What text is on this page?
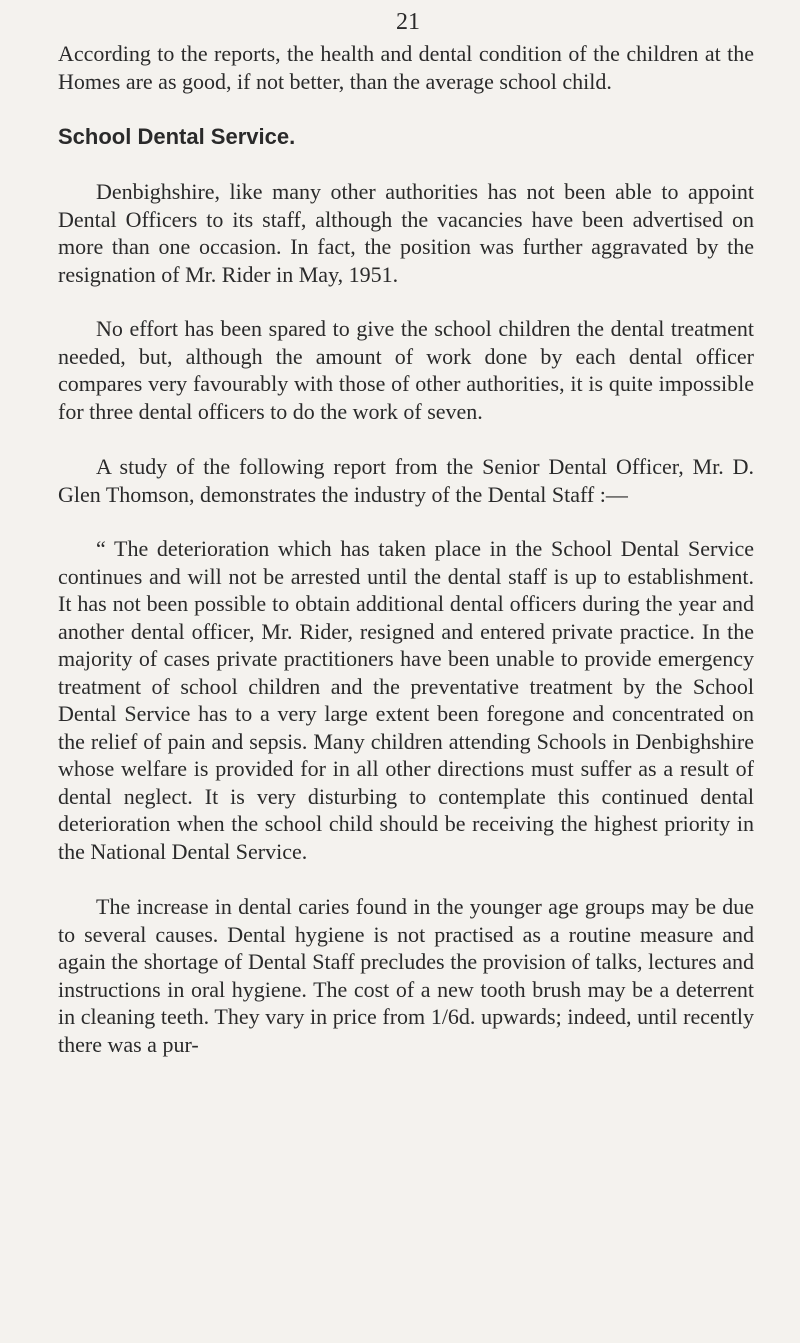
21

According to the reports, the health and dental condition of the children at the Homes are as good, if not better, than the average school child.

School Dental Service.

Denbighshire, like many other authorities has not been able to appoint Dental Officers to its staff, although the vacancies have been advertised on more than one occasion. In fact, the position was further aggravated by the resignation of Mr. Rider in May, 1951.

No effort has been spared to give the school children the dental treatment needed, but, although the amount of work done by each dental officer compares very favourably with those of other authorities, it is quite impossible for three dental officers to do the work of seven.

A study of the following report from the Senior Dental Officer, Mr. D. Glen Thomson, demonstrates the industry of the Dental Staff :—

“ The deterioration which has taken place in the School Dental Service continues and will not be arrested until the dental staff is up to establishment. It has not been possible to obtain additional dental officers during the year and another dental officer, Mr. Rider, resigned and entered private practice. In the majority of cases private practitioners have been unable to provide emergency treatment of school children and the preventative treatment by the School Dental Service has to a very large extent been foregone and concentrated on the relief of pain and sepsis. Many children attending Schools in Denbighshire whose welfare is provided for in all other directions must suffer as a result of dental neglect. It is very disturbing to contemplate this continued dental deterioration when the school child should be receiving the highest priority in the National Dental Service.

The increase in dental caries found in the younger age groups may be due to several causes. Dental hygiene is not practised as a routine measure and again the shortage of Dental Staff precludes the provision of talks, lectures and instructions in oral hygiene. The cost of a new tooth brush may be a deterrent in cleaning teeth. They vary in price from 1/6d. upwards; indeed, until recently there was a pur-
